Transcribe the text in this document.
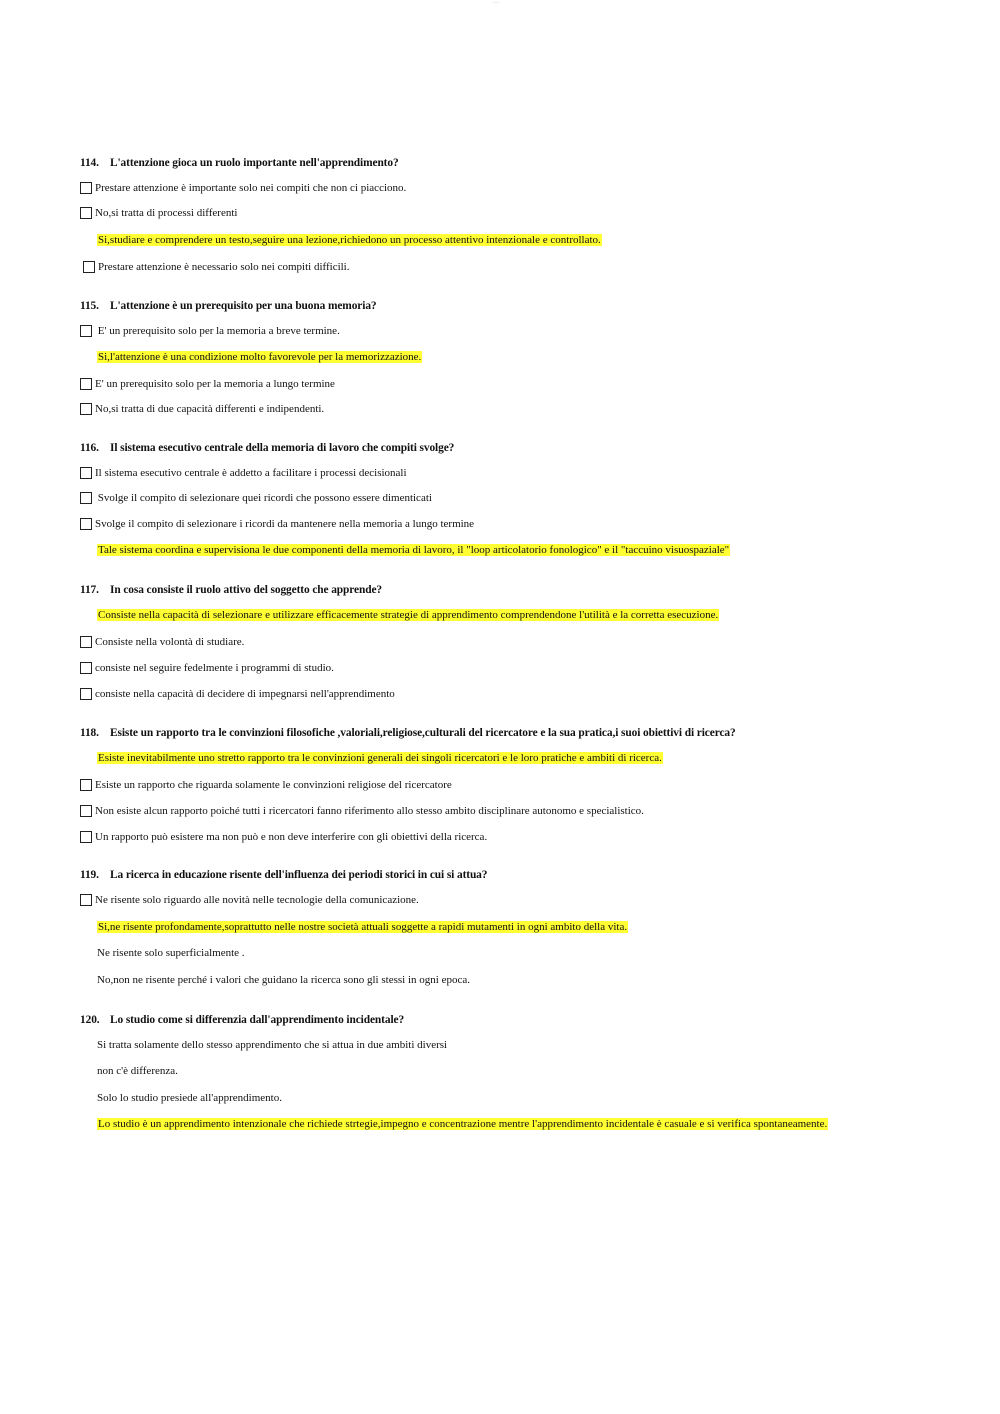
........
114. L'attenzione gioca un ruolo importante nell'apprendimento?
Prestare attenzione è importante solo nei compiti che non ci piacciono.
No,si tratta di processi differenti
Si,studiare e comprendere un testo,seguire una lezione,richiedono un processo attentivo intenzionale e controllato.
Prestare attenzione è necessario solo nei compiti difficili.
115. L'attenzione è un prerequisito per una buona memoria?
E' un prerequisito solo per la memoria a breve termine.
Si,l'attenzione è una condizione molto favorevole per la memorizzazione.
E' un prerequisito solo per la memoria a lungo termine
No,si tratta di due capacità differenti e indipendenti.
116. Il sistema esecutivo centrale della memoria di lavoro che compiti svolge?
Il sistema esecutivo centrale è addetto a facilitare i processi decisionali
Svolge il compito di selezionare quei ricordi che possono essere dimenticati
Svolge il compito di selezionare i ricordi da mantenere nella memoria a lungo termine
Tale sistema coordina e supervisiona le due componenti della memoria di lavoro, il "loop articolatorio fonologico" e il "taccuino visuospaziale"
117. In cosa consiste il ruolo attivo del soggetto che apprende?
Consiste nella capacità di selezionare e utilizzare efficacemente strategie di apprendimento comprendendone l'utilità e la corretta esecuzione.
Consiste nella volontà di studiare.
consiste nel seguire fedelmente i programmi di studio.
consiste nella capacità di decidere di impegnarsi nell'apprendimento
118. Esiste un rapporto tra le convinzioni filosofiche ,valoriali,religiose,culturali del ricercatore e la sua pratica,i suoi obiettivi di ricerca?
Esiste inevitabilmente uno stretto rapporto tra le convinzioni generali dei singoli ricercatori e le loro pratiche e ambiti di ricerca.
Esiste un rapporto che riguarda solamente le convinzioni religiose del ricercatore
Non esiste alcun rapporto poiché tutti i ricercatori fanno riferimento allo stesso ambito disciplinare autonomo e specialistico.
Un rapporto può esistere ma non può e non deve interferire con gli obiettivi della ricerca.
119. La ricerca in educazione risente dell'influenza dei periodi storici in cui si attua?
Ne risente solo riguardo alle novità nelle tecnologie della comunicazione.
Si,ne risente profondamente,soprattutto nelle nostre società attuali soggette a rapidi mutamenti in ogni ambito della vita.
Ne risente solo superficialmente .
No,non ne risente perché i valori che guidano la ricerca sono gli stessi in ogni epoca.
120. Lo studio come si differenzia dall'apprendimento incidentale?
Si tratta solamente dello stesso apprendimento che si attua in due ambiti diversi
non c'è differenza.
Solo lo studio presiede all'apprendimento.
Lo studio è un apprendimento intenzionale che richiede strtegie,impegno e concentrazione mentre l'apprendimento incidentale è casuale e si verifica spontaneamente.
